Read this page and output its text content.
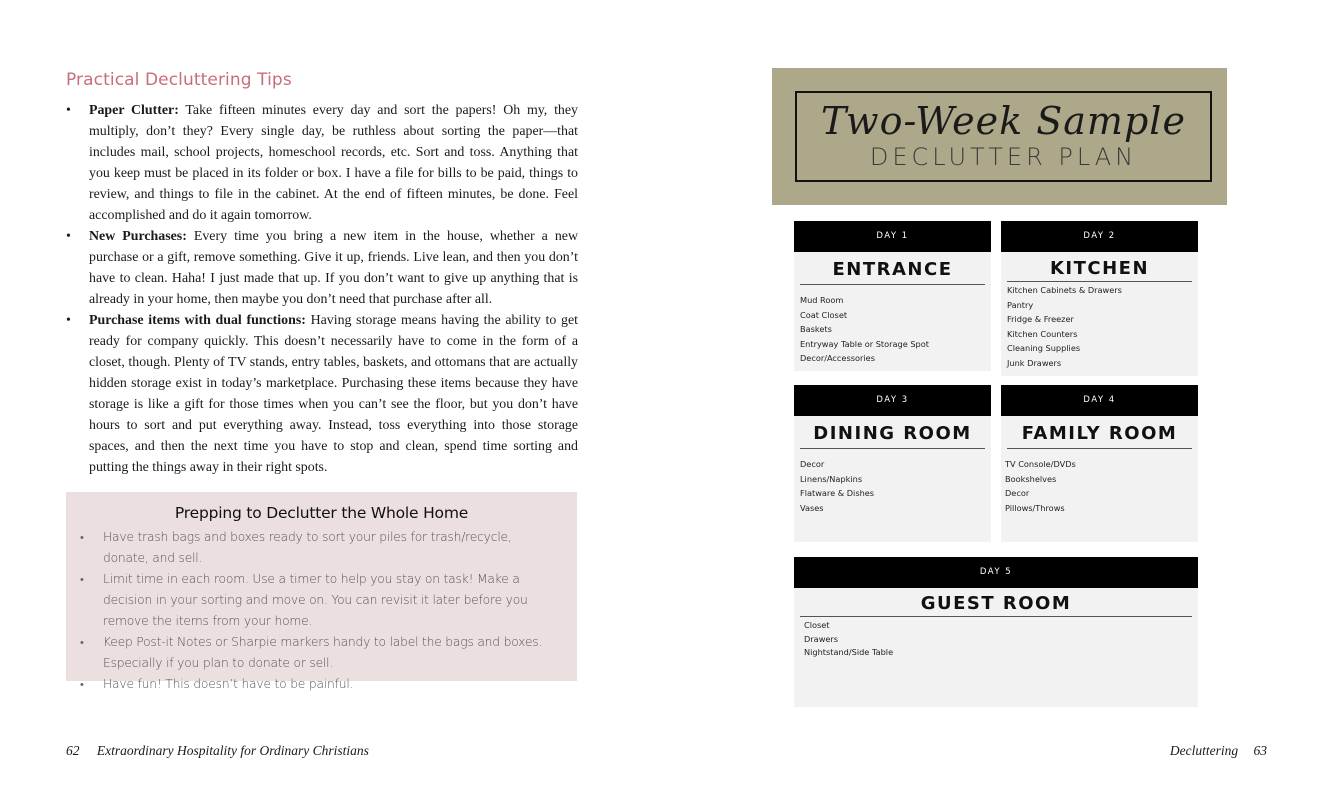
Practical Decluttering Tips
• Paper Clutter: Take fifteen minutes every day and sort the papers! Oh my, they multiply, don’t they? Every single day, be ruthless about sorting the paper—that includes mail, school projects, homeschool records, etc. Sort and toss. Anything that you keep must be placed in its folder or box. I have a file for bills to be paid, things to review, and things to file in the cabinet. At the end of fifteen minutes, be done. Feel accomplished and do it again tomorrow.
• New Purchases: Every time you bring a new item in the house, whether a new purchase or a gift, remove something. Give it up, friends. Live lean, and then you don’t have to clean. Haha! I just made that up. If you don’t want to give up anything that is already in your home, then maybe you don’t need that purchase after all.
• Purchase items with dual functions: Having storage means having the ability to get ready for company quickly. This doesn’t necessarily have to come in the form of a closet, though. Plenty of TV stands, entry tables, baskets, and ottomans that are actually hidden storage exist in today’s marketplace. Purchasing these items because they have storage is like a gift for those times when you can’t see the floor, but you don’t have hours to sort and put everything away. Instead, toss everything into those storage spaces, and then the next time you have to stop and clean, spend time sorting and putting the things away in their right spots.
Prepping to Declutter the Whole Home
• Have trash bags and boxes ready to sort your piles for trash/recycle, donate, and sell.
• Limit time in each room. Use a timer to help you stay on task! Make a decision in your sorting and move on. You can revisit it later before you remove the items from your home.
• Keep Post-it Notes or Sharpie markers handy to label the bags and boxes. Especially if you plan to donate or sell.
• Have fun! This doesn’t have to be painful.
62 Extraordinary Hospitality for Ordinary Christians
Two-Week Sample
DECLUTTER PLAN
DAY 1
ENTRANCE
Mud Room
Coat Closet
Baskets
Entryway Table or Storage Spot
Decor/Accessories
DAY 2
KITCHEN
Kitchen Cabinets & Drawers
Pantry
Fridge & Freezer
Kitchen Counters
Cleaning Supplies
Junk Drawers
DAY 3
DINING ROOM
Decor
Linens/Napkins
Flatware & Dishes
Vases
DAY 4
FAMILY ROOM
TV Console/DVDs
Bookshelves
Decor
Pillows/Throws
DAY 5
GUEST ROOM
Closet
Drawers
Nightstand/Side Table
Decluttering 63
